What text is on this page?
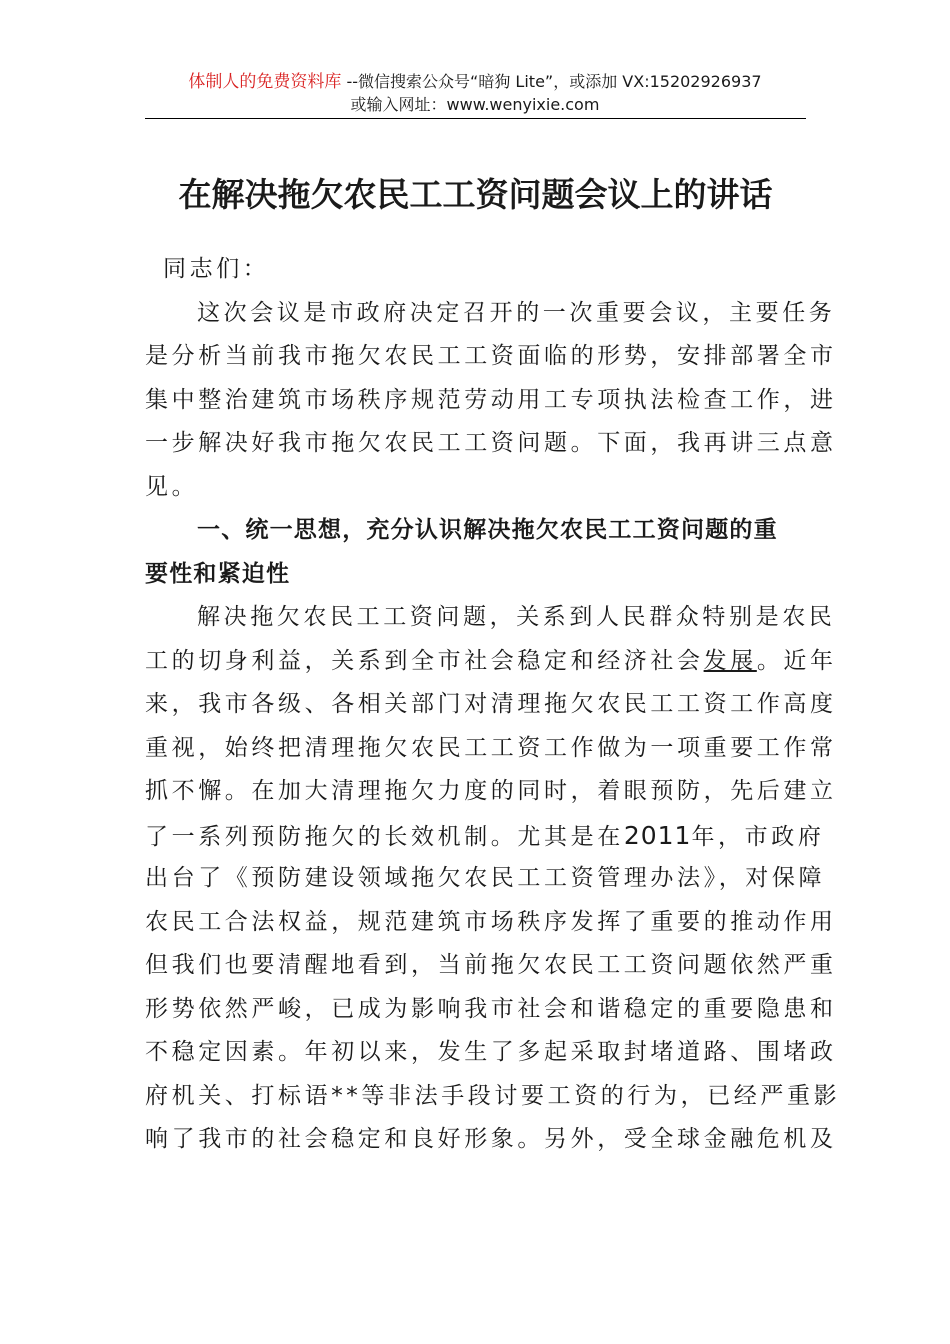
体制人的免费资料库 --微信搜索公众号“暗狗 Lite”，或添加 VX:15202926937
或输入网址：www.wenyixie.com
在解决拖欠农民工工资问题会议上的讲话
同志们：
这次会议是市政府决定召开的一次重要会议，主要任务
是分析当前我市拖欠农民工工资面临的形势，安排部署全市
集中整治建筑市场秩序规范劳动用工专项执法检查工作，进
一步解决好我市拖欠农民工工资问题。下面，我再讲三点意
见。
一、统一思想，充分认识解决拖欠农民工工资问题的重
要性和紧迫性
解决拖欠农民工工资问题，关系到人民群众特别是农民
工的切身利益，关系到全市社会稳定和经济社会发展。近年
来，我市各级、各相关部门对清理拖欠农民工工资工作高度
重视，始终把清理拖欠农民工工资工作做为一项重要工作常
抓不懈。在加大清理拖欠力度的同时，着眼预防，先后建立
了一系列预防拖欠的长效机制。尤其是在2011年，市政府
出台了《预防建设领域拖欠农民工工资管理办法》，对保障
农民工合法权益，规范建筑市场秩序发挥了重要的推动作用
但我们也要清醒地看到，当前拖欠农民工工资问题依然严重
形势依然严峻，已成为影响我市社会和谐稳定的重要隐患和
不稳定因素。年初以来，发生了多起采取封堵道路、围堵政
府机关、打标语**等非法手段讨要工资的行为，已经严重影
响了我市的社会稳定和良好形象。另外，受全球金融危机及
